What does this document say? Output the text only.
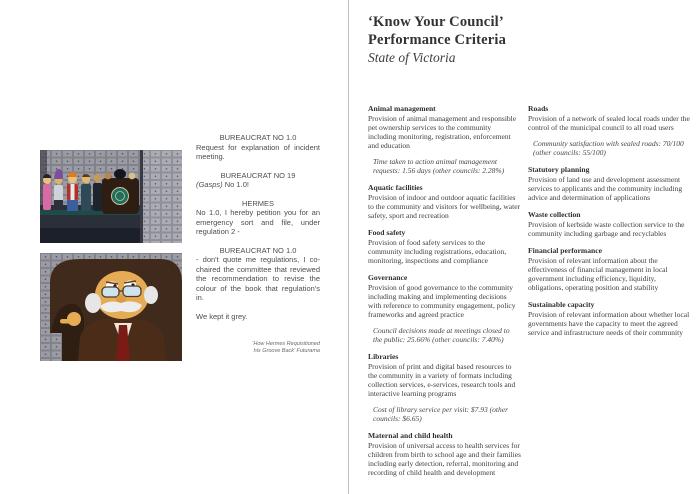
BUREAUCRAT NO 1.0
Request for explanation of incident meeting.
BUREAUCRAT NO 19
(Gasps) No 1.0!
HERMES
No 1.0, I hereby petition you for an emergency sort and file, under regulation 2 -
BUREAUCRAT NO 1.0
- don't quote me regulations, I co-chaired the committee that reviewed the recommendation to revise the colour of the book that regulation's in.

We kept it grey.

‘How Hermes Requisitioned
his Groove Back’ Futurama

‘Know Your Council’
Performance Criteria
State of Victoria
Animal management

Provision of animal management and responsible pet ownership services to the community including monitoring, registration, enforcement and education

Time taken to action animal management requests: 1.56 days (other councils: 2.28%)

Aquatic facilities

Provision of indoor and outdoor aquatic facilities to the community and visitors for wellbeing, water safety, sport and recreation

Food safety

Provision of food safety services to the community including registrations, education, monitoring, inspections and compliance

Governance

Provision of good governance to the community including making and implementing decisions with reference to community engagement, policy frameworks and agreed practice

Council decisions made at meetings closed to the public: 25.66% (other councils: 7.40%)

Libraries

Provision of print and digital based resources to the community in a variety of formats including collection services, e-services, research tools and interactive learning programs

Cost of library service per visit: $7.93 (other councils: $6.65)

Maternal and child health

Provision of universal access to health services for children from birth to school age and their families including early detection, referral, monitoring and recording of child health and development

Roads

Provision of a network of sealed local roads under the control of the municipal council to all road users

Community satisfaction with sealed roads: 70/100 (other councils: 55/100)

Statutory planning

Provision of land use and development assessment services to applicants and the community including advice and determination of applications

Waste collection

Provision of kerbside waste collection service to the community including garbage and recyclables

Financial performance

Provision of relevant information about the effectiveness of financial management in local government including efficiency, liquidity, obligations, operating position and stability

Sustainable capacity

Provision of relevant information about whether local governments have the capacity to meet the agreed service and infrastructure needs of their community
